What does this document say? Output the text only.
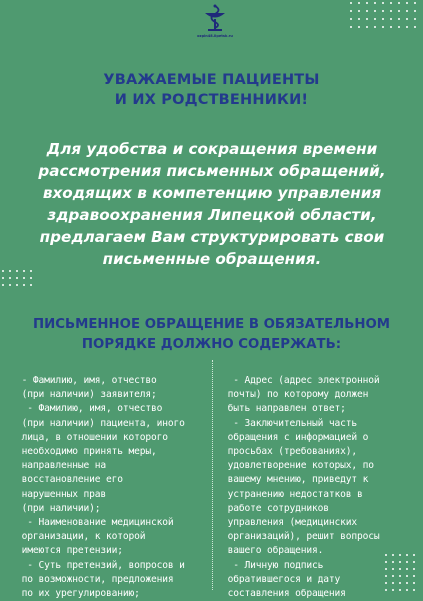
ozpln48.lipetsk.ru
УВАЖАЕМЫЕ ПАЦИЕНТЫ
И ИХ РОДСТВЕННИКИ!
Для удобства и сокращения времени
рассмотрения письменных обращений,
входящих в компетенцию управления
здравоохранения Липецкой области,
предлагаем Вам структурировать свои
письменные обращения.
ПИСЬМЕННОЕ ОБРАЩЕНИЕ В ОБЯЗАТЕЛЬНОМ
ПОРЯДКЕ ДОЛЖНО СОДЕРЖАТЬ:

- Фамилию, имя, отчество

(при наличии) заявителя;

- Фамилию, имя, отчество

(при наличии) пациента, иного

лица, в отношении которого

необходимо принять меры,

направленные на

восстановление его

нарушенных прав

(при наличии);

- Наименование медицинской

организации, к которой

имеются претензии;

- Суть претензий, вопросов и

по возможности, предложения

по их урегулированию;

- Адрес (адрес электронной

почты) по которому должен

быть направлен ответ;

- Заключительный часть

обращения с информацией о

просьбах (требованиях),

удовлетворение которых, по

вашему мнению, приведут к

устранению недостатков в

работе сотрудников

управления (медицинских

организаций), решит вопросы

вашего обращения.

- Личную подпись

обратившегося и дату

составления обращения
